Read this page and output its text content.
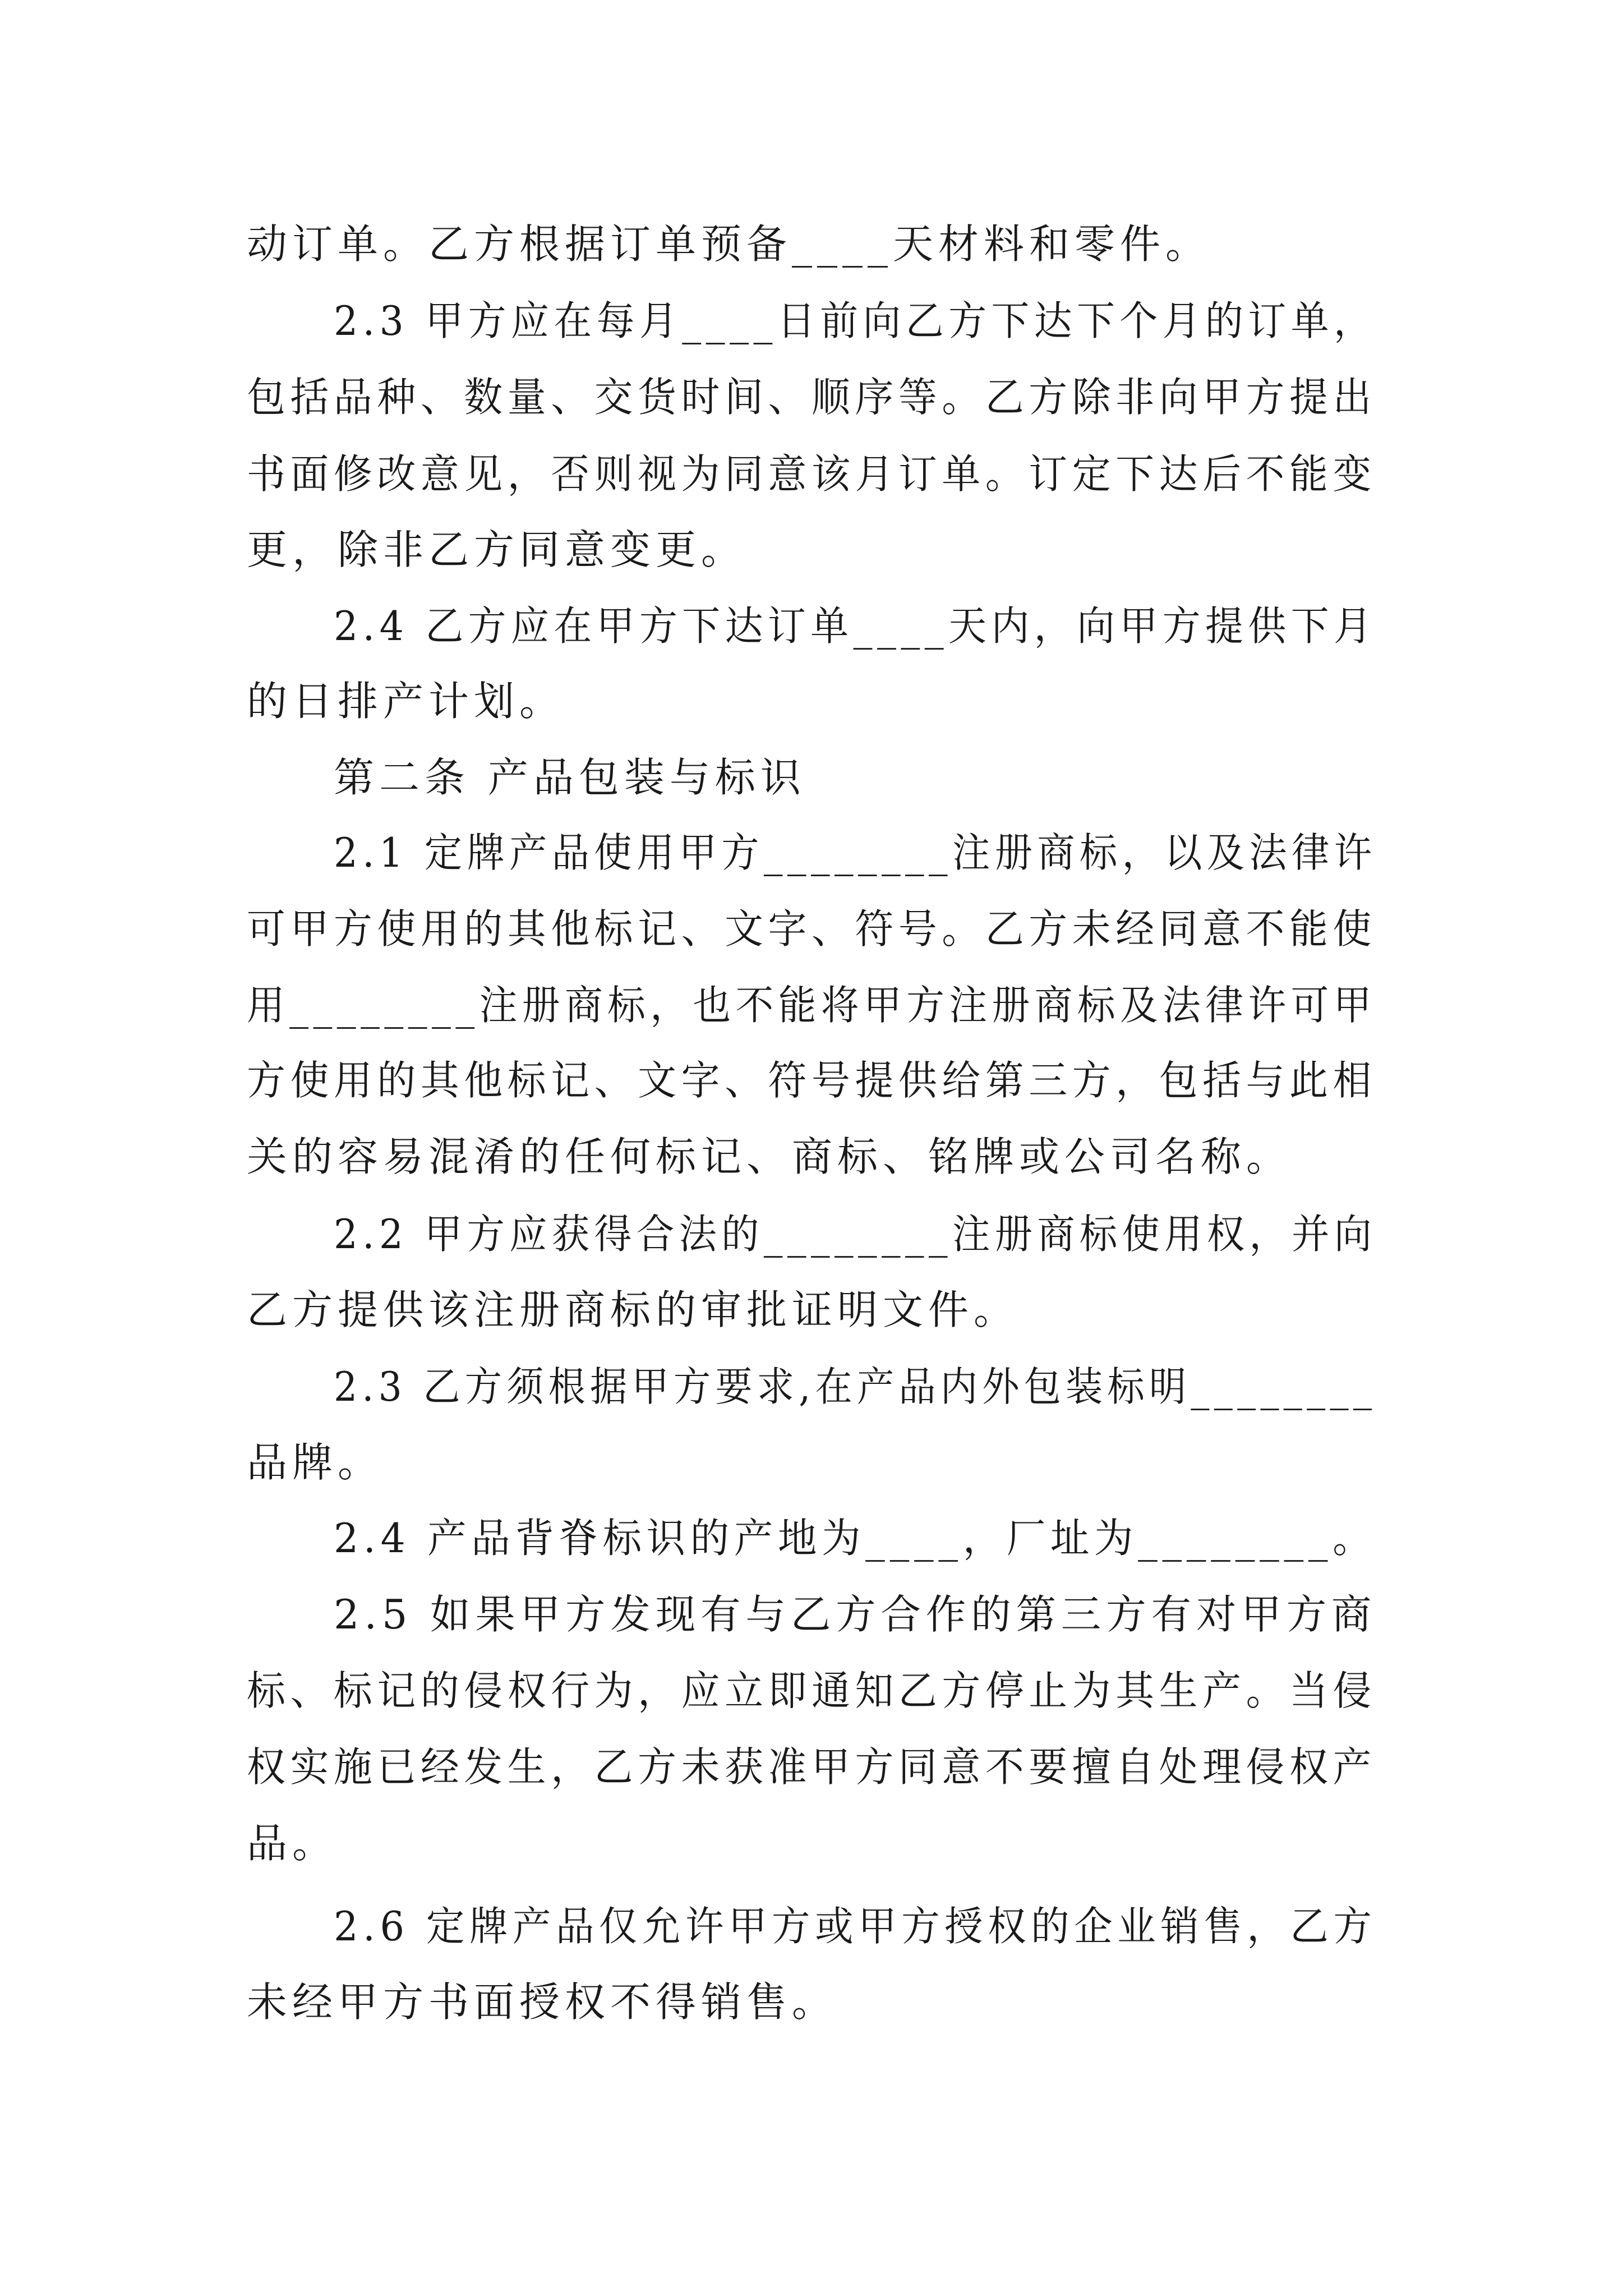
动订单。乙方根据订单预备____天材料和零件。
2.3 甲方应在每月____日前向乙方下达下个月的订单，
包括品种、数量、交货时间、顺序等。乙方除非向甲方提出
书面修改意见，否则视为同意该月订单。订定下达后不能变
更，除非乙方同意变更。
2.4 乙方应在甲方下达订单____天内，向甲方提供下月
的日排产计划。
第二条 产品包装与标识
2.1 定牌产品使用甲方________注册商标，以及法律许
可甲方使用的其他标记、文字、符号。乙方未经同意不能使
用________注册商标，也不能将甲方注册商标及法律许可甲
方使用的其他标记、文字、符号提供给第三方，包括与此相
关的容易混淆的任何标记、商标、铭牌或公司名称。
2.2 甲方应获得合法的________注册商标使用权，并向
乙方提供该注册商标的审批证明文件。
2.3 乙方须根据甲方要求,在产品内外包装标明________
品牌。
2.4 产品背脊标识的产地为____，厂址为________。
2.5 如果甲方发现有与乙方合作的第三方有对甲方商
标、标记的侵权行为，应立即通知乙方停止为其生产。当侵
权实施已经发生，乙方未获准甲方同意不要擅自处理侵权产
品。
2.6 定牌产品仅允许甲方或甲方授权的企业销售，乙方
未经甲方书面授权不得销售。
